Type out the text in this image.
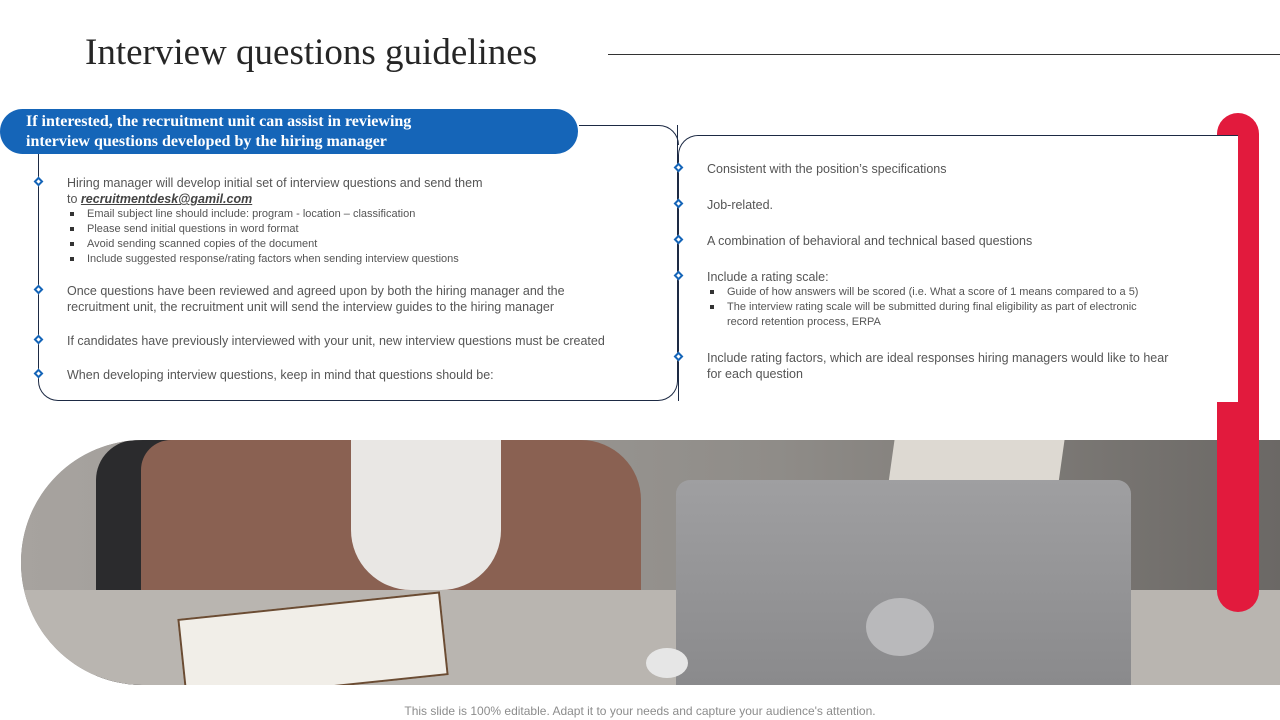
Interview questions guidelines
If interested, the recruitment unit can assist in reviewing
interview questions developed by the hiring manager

Hiring manager will develop initial set of interview questions and send them

to recruitmentdesk@gamil.com

Email subject line should include: program - location – classification
Please send initial questions in word format
Avoid sending scanned copies of the document
Include suggested response/rating factors when sending interview questions

Once questions have been reviewed and agreed upon by both the hiring manager and the

recruitment unit, the recruitment unit will send the interview guides to the hiring manager

If candidates have previously interviewed with your unit, new interview questions must be created

When developing interview questions, keep in mind that questions should be:

Consistent with the position’s specifications

Job-related.

A combination of behavioral and technical based questions

Include a rating scale:

Guide of how answers will be scored (i.e. What a score of 1 means compared to a 5)
The interview rating scale will be submitted during final eligibility as part of electronic
record retention process, ERPA

Include rating factors, which are ideal responses hiring managers would like to hear

for each question

This slide is 100% editable. Adapt it to your needs and capture your audience's attention.
